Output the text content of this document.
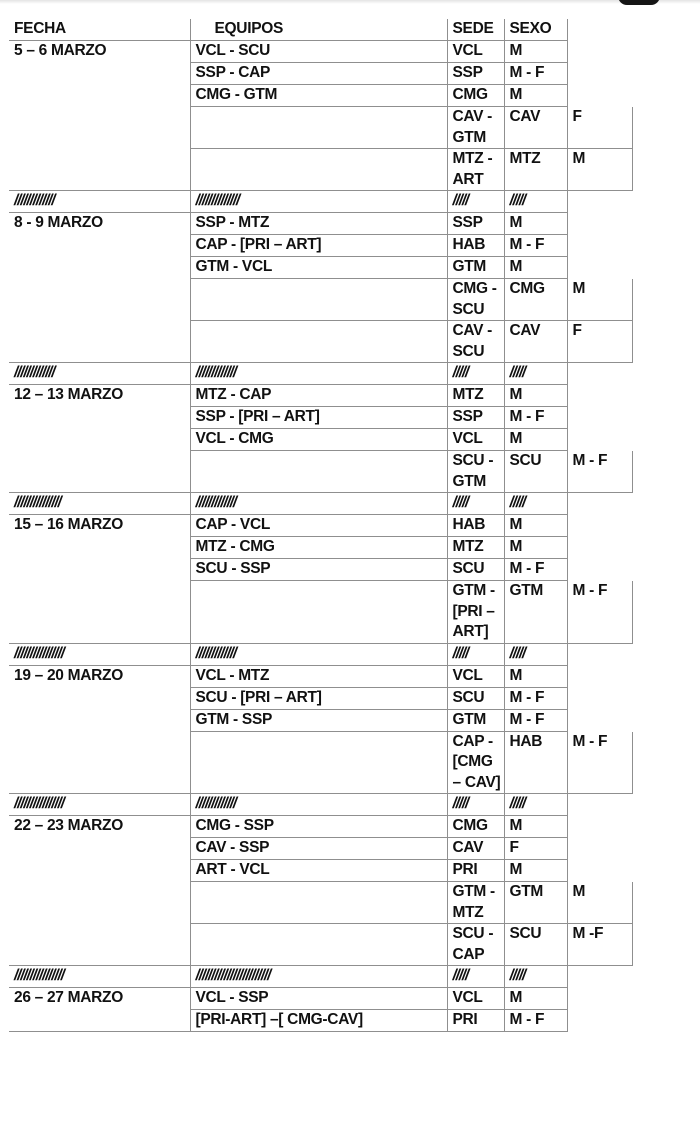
FECHA	EQUIPOS	SEDE	SEXO	
5 – 6 MARZO	VCL - SCU	VCL	M	
	SSP - CAP	SSP	M - F	
	CMG - GTM	CMG	M	
		CAV - GTM	CAV	F
		MTZ - ART	MTZ	M
/////////////	//////////////	/////	/////	
8 - 9 MARZO	SSP - MTZ	SSP	M	
	CAP - [PRI – ART]	HAB	M - F	
	GTM - VCL	GTM	M	
		CMG - SCU	CMG	M
		CAV - SCU	CAV	F
/////////////	/////////////	/////	/////	
12 – 13 MARZO	MTZ - CAP	MTZ	M	
	SSP - [PRI – ART]	SSP	M - F	
	VCL - CMG	VCL	M	
		SCU - GTM	SCU	M - F
///////////////	/////////////	/////	/////	
15 – 16 MARZO	CAP - VCL	HAB	M	
	MTZ - CMG	MTZ	M	
	SCU - SSP	SCU	M - F	
		GTM - [PRI – ART]	GTM	M - F
////////////////	/////////////	/////	/////	
19 – 20 MARZO	VCL - MTZ	VCL	M	
	SCU - [PRI – ART]	SCU	M - F	
	GTM - SSP	GTM	M - F	
		CAP - [CMG – CAV]	HAB	M - F
////////////////	/////////////	/////	/////	
22 – 23 MARZO	CMG - SSP	CMG	M	
	CAV - SSP	CAV	F	
	ART - VCL	PRI	M	
		GTM - MTZ	GTM	M
		SCU - CAP	SCU	M -F
////////////////	////////////////////////	/////	/////	
26 – 27 MARZO	VCL - SSP	VCL	M	
	[PRI-ART] –[ CMG-CAV]	PRI	M - F	
